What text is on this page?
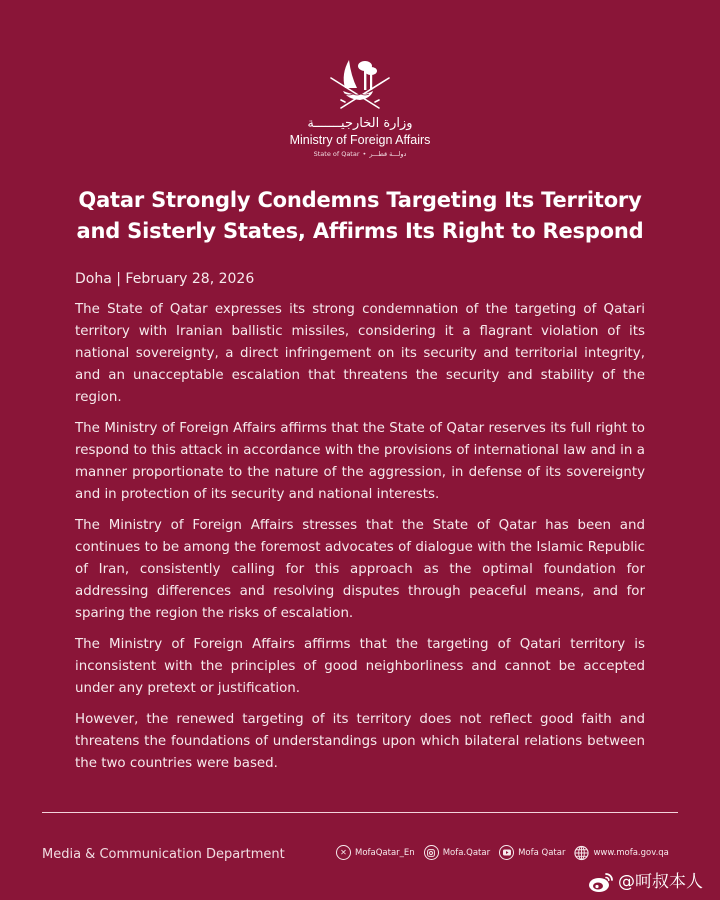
وزارة الخارجيـــــــة
Ministry of Foreign Affairs
State of Qatar • دولـــة قطـــر
Qatar Strongly Condemns Targeting Its Territory
and Sisterly States, Affirms Its Right to Respond

Doha | February 28, 2026

The State of Qatar expresses its strong condemnation of the targeting of Qatari territory with Iranian ballistic missiles, considering it a flagrant violation of its national sovereignty, a direct infringement on its security and territorial integrity, and an unacceptable escalation that threatens the security and stability of the region.

The Ministry of Foreign Affairs affirms that the State of Qatar reserves its full right to respond to this attack in accordance with the provisions of international law and in a manner proportionate to the nature of the aggression, in defense of its sovereignty and in protection of its security and national interests.

The Ministry of Foreign Affairs stresses that the State of Qatar has been and continues to be among the foremost advocates of dialogue with the Islamic Republic of Iran, consistently calling for this approach as the optimal foundation for addressing differences and resolving disputes through peaceful means, and for sparing the region the risks of escalation.

The Ministry of Foreign Affairs affirms that the targeting of Qatari territory is inconsistent with the principles of good neighborliness and cannot be accepted under any pretext or justification.

However, the renewed targeting of its territory does not reflect good faith and threatens the foundations of understandings upon which bilateral relations between the two countries were based.

Media & Communication Department	✕ MofaQatar_En	Mofa.Qatar	Mofa Qatar	www.mofa.gov.qa
@呵叔本人
